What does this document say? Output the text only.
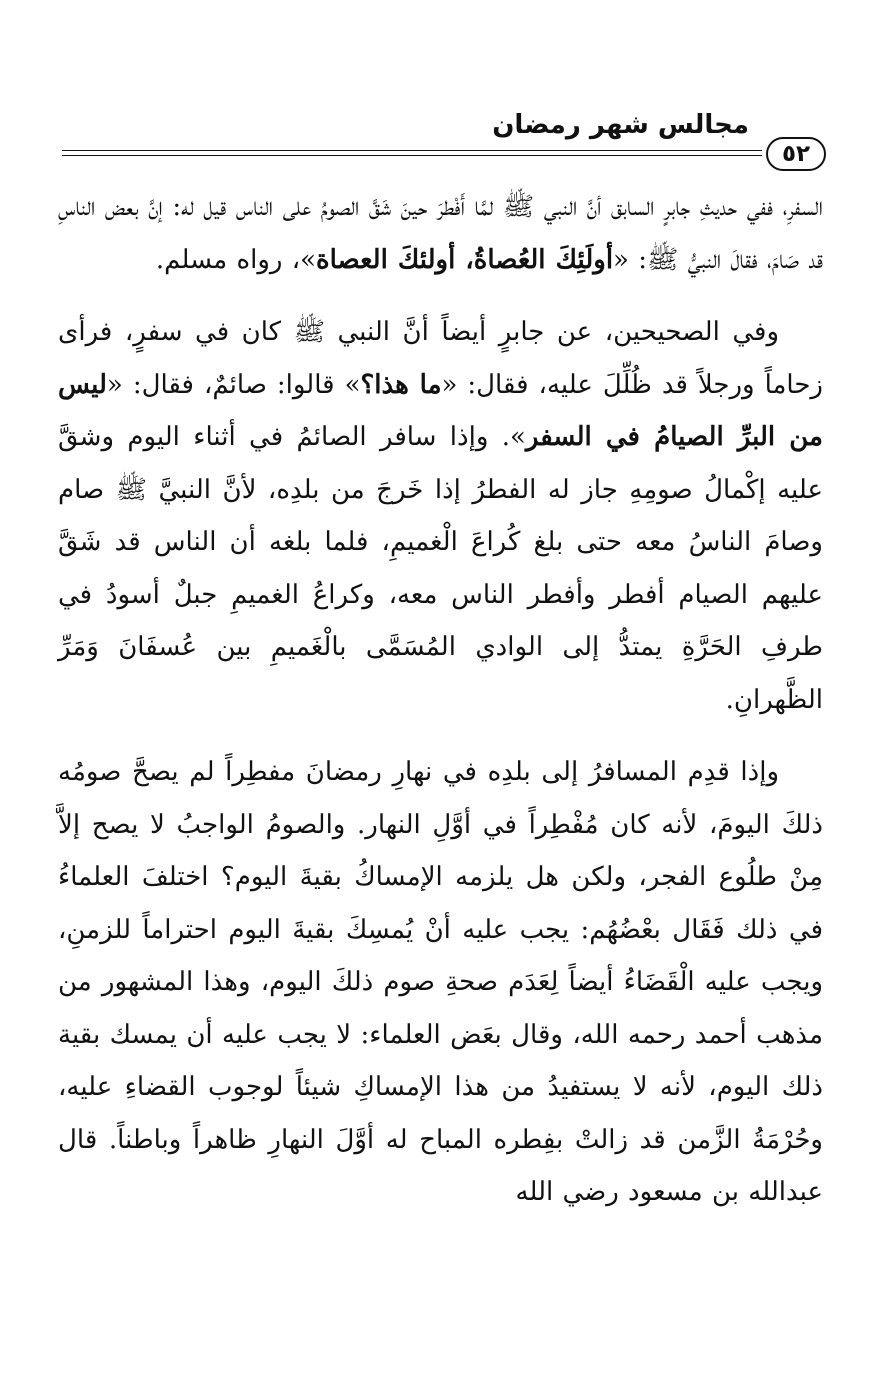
مجالس شهر رمضان
٥٢

السفرِ، ففي حديثِ جابرٍ السابق أنَّ النبي ﷺ لمَّا أَفْطرَ حينَ شَقَّ الصومُ على الناس قيل له: إنَّ بعض الناسِ قد صَامَ، فقالَ النبيُّ ﷺ: «أولَئِكَ العُصاةُ، أولئكَ العصاة»، رواه مسلم.

وفي الصحيحين، عن جابرٍ أيضاً أنَّ النبي ﷺ كان في سفرٍ، فرأى زحاماً ورجلاً قد ظُلِّلَ عليه، فقال: «ما هذا؟» قالوا: صائمٌ، فقال: «ليس من البرِّ الصيامُ في السفر». وإذا سافر الصائمُ في أثناء اليوم وشقَّ عليه إكْمالُ صومِهِ جاز له الفطرُ إذا خَرجَ من بلدِه، لأنَّ النبيَّ ﷺ صام وصامَ الناسُ معه حتى بلغ كُراعَ الْغميمِ، فلما بلغه أن الناس قد شَقَّ عليهم الصيام أفطر وأفطر الناس معه، وكراعُ الغميمِ جبلٌ أسودُ في طرفِ الحَرَّةِ يمتدُّ إلى الوادي المُسَمَّى بالْغَميمِ بين عُسفَانَ وَمَرِّ الظَّهرانِ.

وإذا قدِم المسافرُ إلى بلدِه في نهارِ رمضانَ مفطِراً لم يصحَّ صومُه ذلكَ اليومَ، لأنه كان مُفْطِراً في أوَّلِ النهار. والصومُ الواجبُ لا يصح إلاَّ مِنْ طلُوع الفجر، ولكن هل يلزمه الإمساكُ بقيةَ اليوم؟ اختلفَ العلماءُ في ذلك فَقَال بعْضُهُم: يجب عليه أنْ يُمسِكَ بقيةَ اليوم احتراماً للزمنِ، ويجب عليه الْقَضَاءُ أيضاً لِعَدَم صحةِ صوم ذلكَ اليوم، وهذا المشهور من مذهب أحمد رحمه الله، وقال بعَض العلماء: لا يجب عليه أن يمسك بقية ذلك اليوم، لأنه لا يستفيدُ من هذا الإمساكِ شيئاً لوجوب القضاءِ عليه، وحُرْمَةُ الزَّمن قد زالتْ بفِطره المباح له أوَّلَ النهارِ ظاهراً وباطناً. قال عبدالله بن مسعود رضي الله
